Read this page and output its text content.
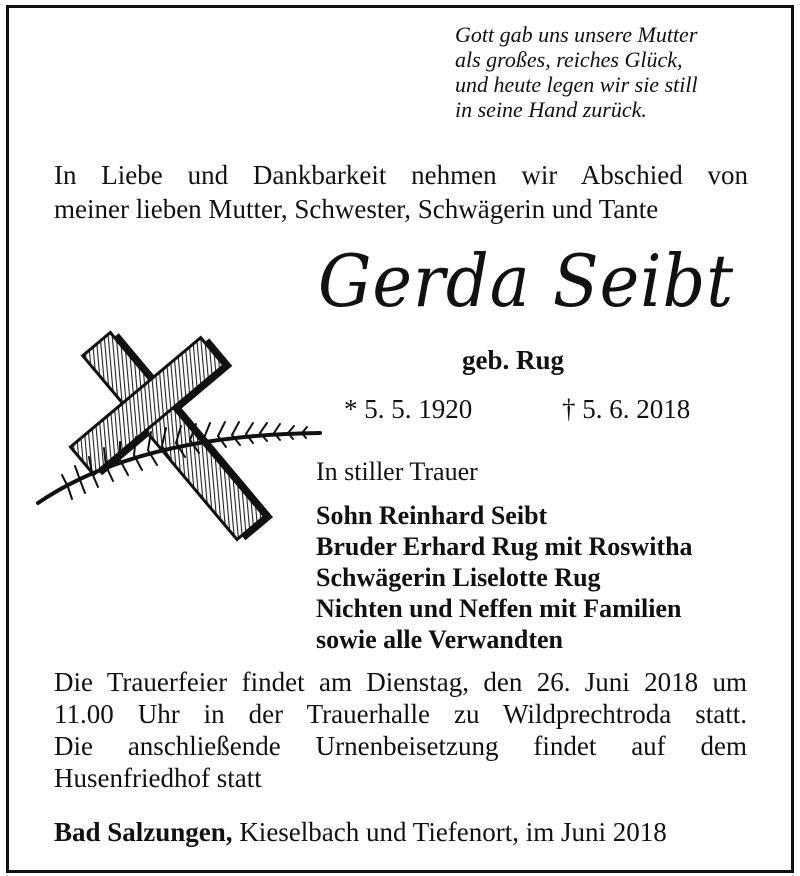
Gott gab uns unsere Mutter
als großes, reiches Glück,
und heute legen wir sie still
in seine Hand zurück.
In Liebe und Dankbarkeit nehmen wir Abschied von
meiner lieben Mutter, Schwester, Schwägerin und Tante
Gerda Seibt
geb. Rug
* 5. 5. 1920	† 5. 6. 2018
In stiller Trauer
Sohn Reinhard Seibt
Bruder Erhard Rug mit Roswitha
Schwägerin Liselotte Rug
Nichten und Neffen mit Familien
sowie alle Verwandten
Die Trauerfeier findet am Dienstag, den 26. Juni 2018 um
11.00 Uhr in der Trauerhalle zu Wildprechtroda statt.
Die anschließende Urnenbeisetzung findet auf dem
Husenfriedhof statt
Bad Salzungen, Kieselbach und Tiefenort, im Juni 2018
